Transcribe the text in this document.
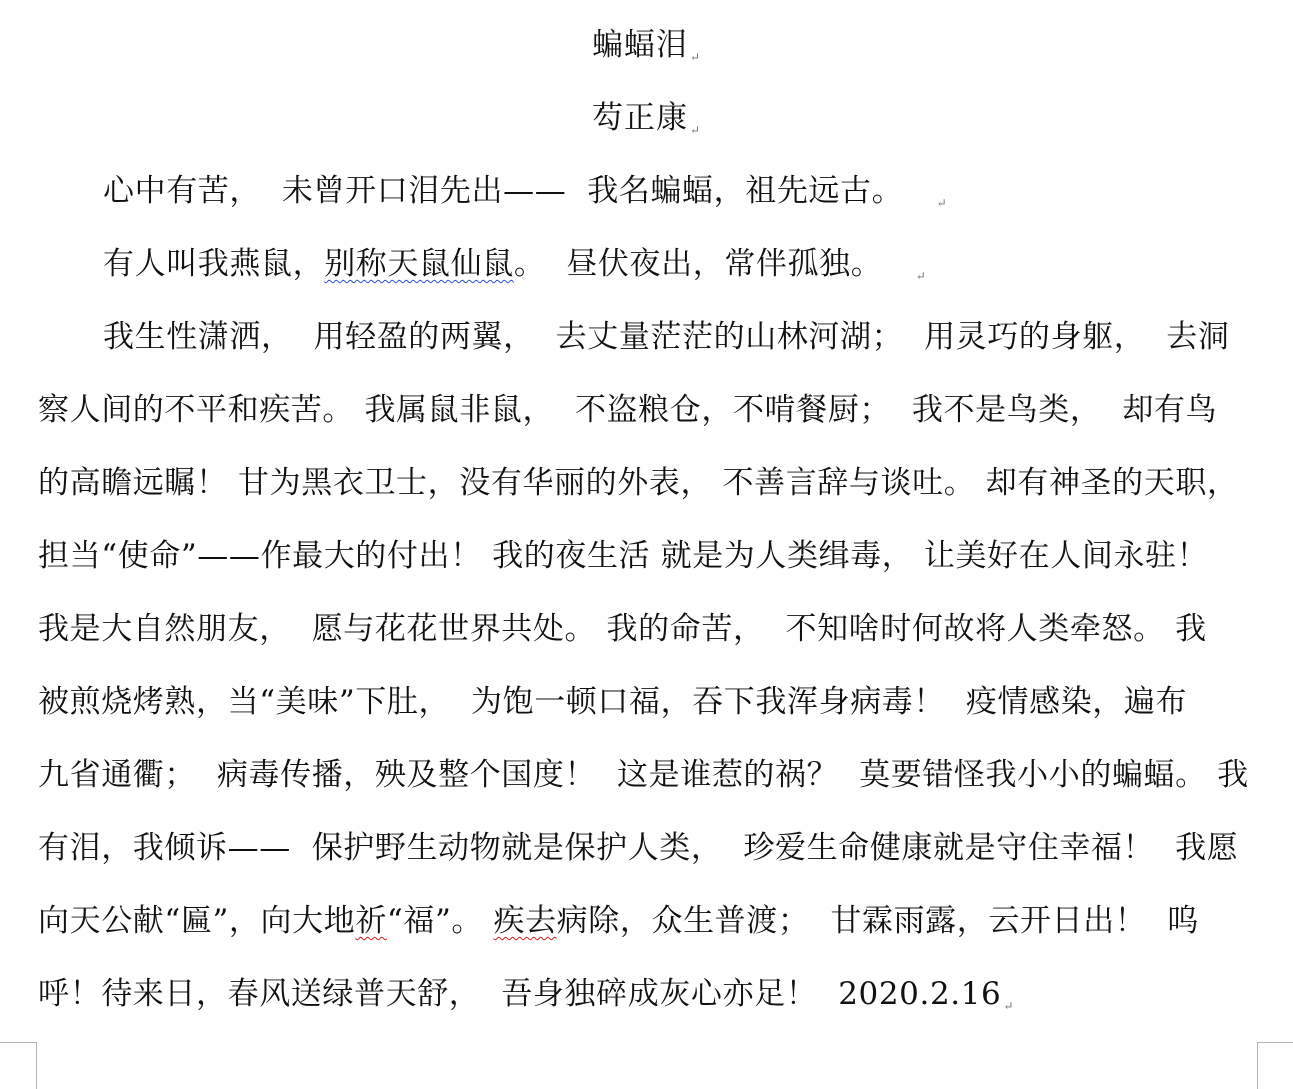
蝙蝠泪 ↵
芶正康 ↵
心中有苦，  未曾开口泪先出——  我名蝙蝠，祖先远古。	↵
有人叫我燕鼠，别称天鼠仙鼠。  昼伏夜出，常伴孤独。	↵
我生性潇洒，  用轻盈的两翼，  去丈量茫茫的山林河湖；  用灵巧的身躯，  去洞
察人间的不平和疾苦。 我属鼠非鼠，  不盗粮仓，不啃餐厨；  我不是鸟类，  却有鸟
的高瞻远瞩！ 甘为黑衣卫士，没有华丽的外表， 不善言辞与谈吐。 却有神圣的天职，
担当“使命”——作最大的付出！ 我的夜生活 就是为人类缉毒， 让美好在人间永驻！
我是大自然朋友，  愿与花花世界共处。 我的命苦，  不知啥时何故将人类牵怒。 我
被煎烧烤熟，当“美味”下肚，  为饱一顿口福，吞下我浑身病毒！  疫情感染，遍布
九省通衢；  病毒传播，殃及整个国度！  这是谁惹的祸？  莫要错怪我小小的蝙蝠。 我
有泪，我倾诉——  保护野生动物就是保护人类，  珍爱生命健康就是守住幸福！  我愿
向天公献“匾”，向大地祈“福”。 疾去病除，众生普渡；  甘霖雨露，云开日出！  呜
呼！待来日，春风送绿普天舒，  吾身独碎成灰心亦足！  2020.2.16 ↵
